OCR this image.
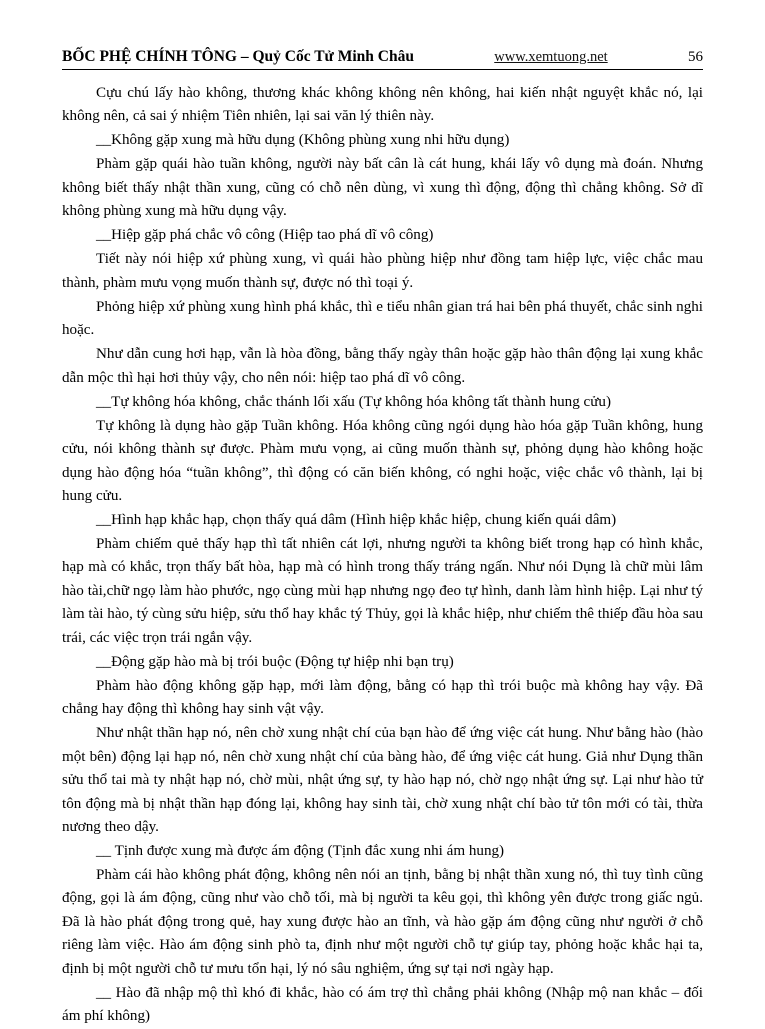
BỐC PHỆ CHÍNH TÔNG – Quỷ Cốc Tử Minh Châu	www.xemtuong.net	56

Cựu chú lấy hào không, thương khác không không nên không, hai kiến nhật nguyệt khắc nó, lại không nên, cả sai ý nhiệm Tiên nhiên, lại sai văn lý thiên này.

__Không gặp xung mà hữu dụng (Không phùng xung nhi hữu dụng)

Phàm gặp quái hào tuần không, người này bất cân là cát hung, khái lấy vô dụng mà đoán. Nhưng không biết thấy nhật thần xung, cũng có chỗ nên dùng, vì xung thì động, động thì chẳng không. Sở dĩ không phùng xung mà hữu dụng vậy.

__Hiệp gặp phá chắc vô công (Hiệp tao phá dĩ vô công)

Tiết này nói hiệp xứ phùng xung, vì quái hào phùng hiệp như đồng tam hiệp lực, việc chắc mau thành, phàm mưu vọng muốn thành sự, được nó thì toại ý.

Phỏng hiệp xứ phùng xung hình phá khắc, thì e tiểu nhân gian trá hai bên phá thuyết, chắc sinh nghi hoặc.

Như dẫn cung hơi hạp, vẫn là hòa đồng, bằng thấy ngày thân hoặc gặp hào thân động lại xung khắc dẫn mộc thì hại hơi thủy vậy, cho nên nói: hiệp tao phá dĩ vô công.

__Tự không hóa không, chắc thánh lối xấu (Tự không hóa không tất thành hung cửu)

Tự không là dụng hào gặp Tuần không. Hóa không cũng ngói dụng hào hóa gặp Tuần không, hung cửu, nói không thành sự được. Phàm mưu vọng, ai cũng muốn thành sự, phỏng dụng hào không hoặc dụng hào động hóa “tuần không”, thì động có căn biến không, có nghi hoặc, việc chắc vô thành, lại bị hung cửu.

__Hình hạp khắc hạp, chọn thấy quá dâm (Hình hiệp khắc hiệp, chung kiến quái dâm)

Phàm chiếm quẻ thấy hạp thì tất nhiên cát lợi, nhưng người ta không biết trong hạp có hình khắc, hạp mà có khắc, trọn thấy bất hòa, hạp mà có hình trong thấy tráng ngấn. Như nói Dụng là chữ mùi lâm hào tài,chữ ngọ làm hào phước, ngọ cùng mùi hạp nhưng ngọ đeo tự hình, danh làm hình hiệp. Lại như tý làm tài hào, tý cùng sửu hiệp, sửu thổ hay khắc tý Thủy, gọi là khắc hiệp, như chiếm thê thiếp đầu hòa sau trái, các việc trọn trái ngắn vậy.

__Động gặp hào mà bị trói buộc (Động tự hiệp nhi bạn trụ)

Phàm hào động không gặp hạp, mới làm động, bằng có hạp thì trói buộc mà không hay vậy. Đã chẳng hay động thì không hay sinh vật vậy.

Như nhật thần hạp nó, nên chờ xung nhật chí của bạn hào để ứng việc cát hung. Như bằng hào (hào một bên) động lại hạp nó, nên chờ xung nhật chí của bàng hào, để ứng việc cát hung. Giả như Dụng thần sửu thổ tai mà ty nhật hạp nó, chờ mùi, nhật ứng sự, ty hào hạp nó, chờ ngọ nhật ứng sự. Lại như hào tử tôn động mà bị nhật thần hạp đóng lại, không hay sinh tài, chờ xung nhật chí bào tử tôn mới có tài, thừa nương theo dậy.

__ Tịnh được xung mà được ám động (Tịnh đắc xung nhi ám hung)

Phàm cái hào không phát động, không nên nói an tịnh, bằng bị nhật thần xung nó, thì tuy tình cũng động, gọi là ám động, cũng như vào chỗ tối, mà bị người ta kêu gọi, thì không yên được trong giấc ngủ. Đã là hào phát động trong quẻ, hay xung được hào an tĩnh, và hào gặp ám động cũng như người ở chỗ riêng làm việc. Hào ám động sinh phò ta, định như một người chỗ tự giúp tay, phỏng hoặc khắc hại ta, định bị một người chỗ tư mưu tổn hại, lý nó sâu nghiệm, ứng sự tại nơi ngày hạp.

__ Hào đã nhập mộ thì khó đi khắc, hào có ám trợ thì chẳng phải không (Nhập mộ nan khắc – đối ám phí không)
